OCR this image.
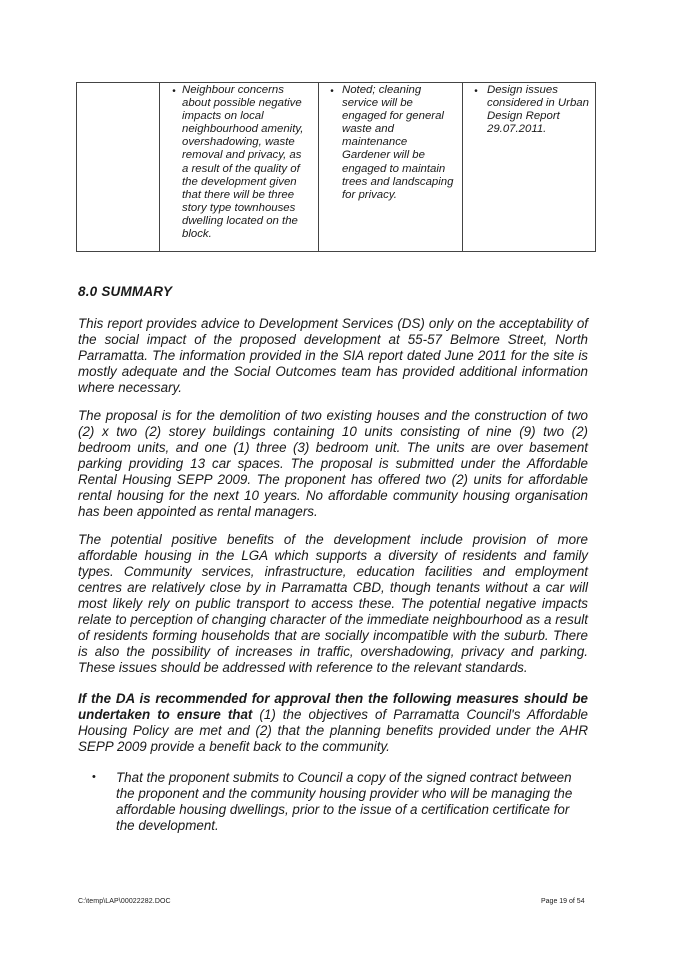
• Neighbour concerns about possible negative impacts on local neighbourhood amenity, overshadowing, waste removal and privacy, as a result of the quality of the development given that there will be three story type townhouses dwelling located on the block.
• Noted; cleaning service will be engaged for general waste and maintenance Gardener will be engaged to maintain trees and landscaping for privacy.
• Design issues considered in Urban Design Report 29.07.2011.
8.0 SUMMARY

This report provides advice to Development Services (DS) only on the acceptability of the social impact of the proposed development at 55-57 Belmore Street, North Parramatta. The information provided in the SIA report dated June 2011 for the site is mostly adequate and the Social Outcomes team has provided additional information where necessary.

The proposal is for the demolition of two existing houses and the construction of two (2) x two (2) storey buildings containing 10 units consisting of nine (9) two (2) bedroom units, and one (1) three (3) bedroom unit. The units are over basement parking providing 13 car spaces. The proposal is submitted under the Affordable Rental Housing SEPP 2009. The proponent has offered two (2) units for affordable rental housing for the next 10 years. No affordable community housing organisation has been appointed as rental managers.

The potential positive benefits of the development include provision of more affordable housing in the LGA which supports a diversity of residents and family types. Community services, infrastructure, education facilities and employment centres are relatively close by in Parramatta CBD, though tenants without a car will most likely rely on public transport to access these. The potential negative impacts relate to perception of changing character of the immediate neighbourhood as a result of residents forming households that are socially incompatible with the suburb. There is also the possibility of increases in traffic, overshadowing, privacy and parking. These issues should be addressed with reference to the relevant standards.

If the DA is recommended for approval then the following measures should be undertaken to ensure that (1) the objectives of Parramatta Council's Affordable Housing Policy are met and (2) that the planning benefits provided under the AHR SEPP 2009 provide a benefit back to the community.

•	That the proponent submits to Council a copy of the signed contract between the proponent and the community housing provider who will be managing the affordable housing dwellings, prior to the issue of a certification certificate for the development.
C:\temp\LAP\00022282.DOC	Page 19 of 54
